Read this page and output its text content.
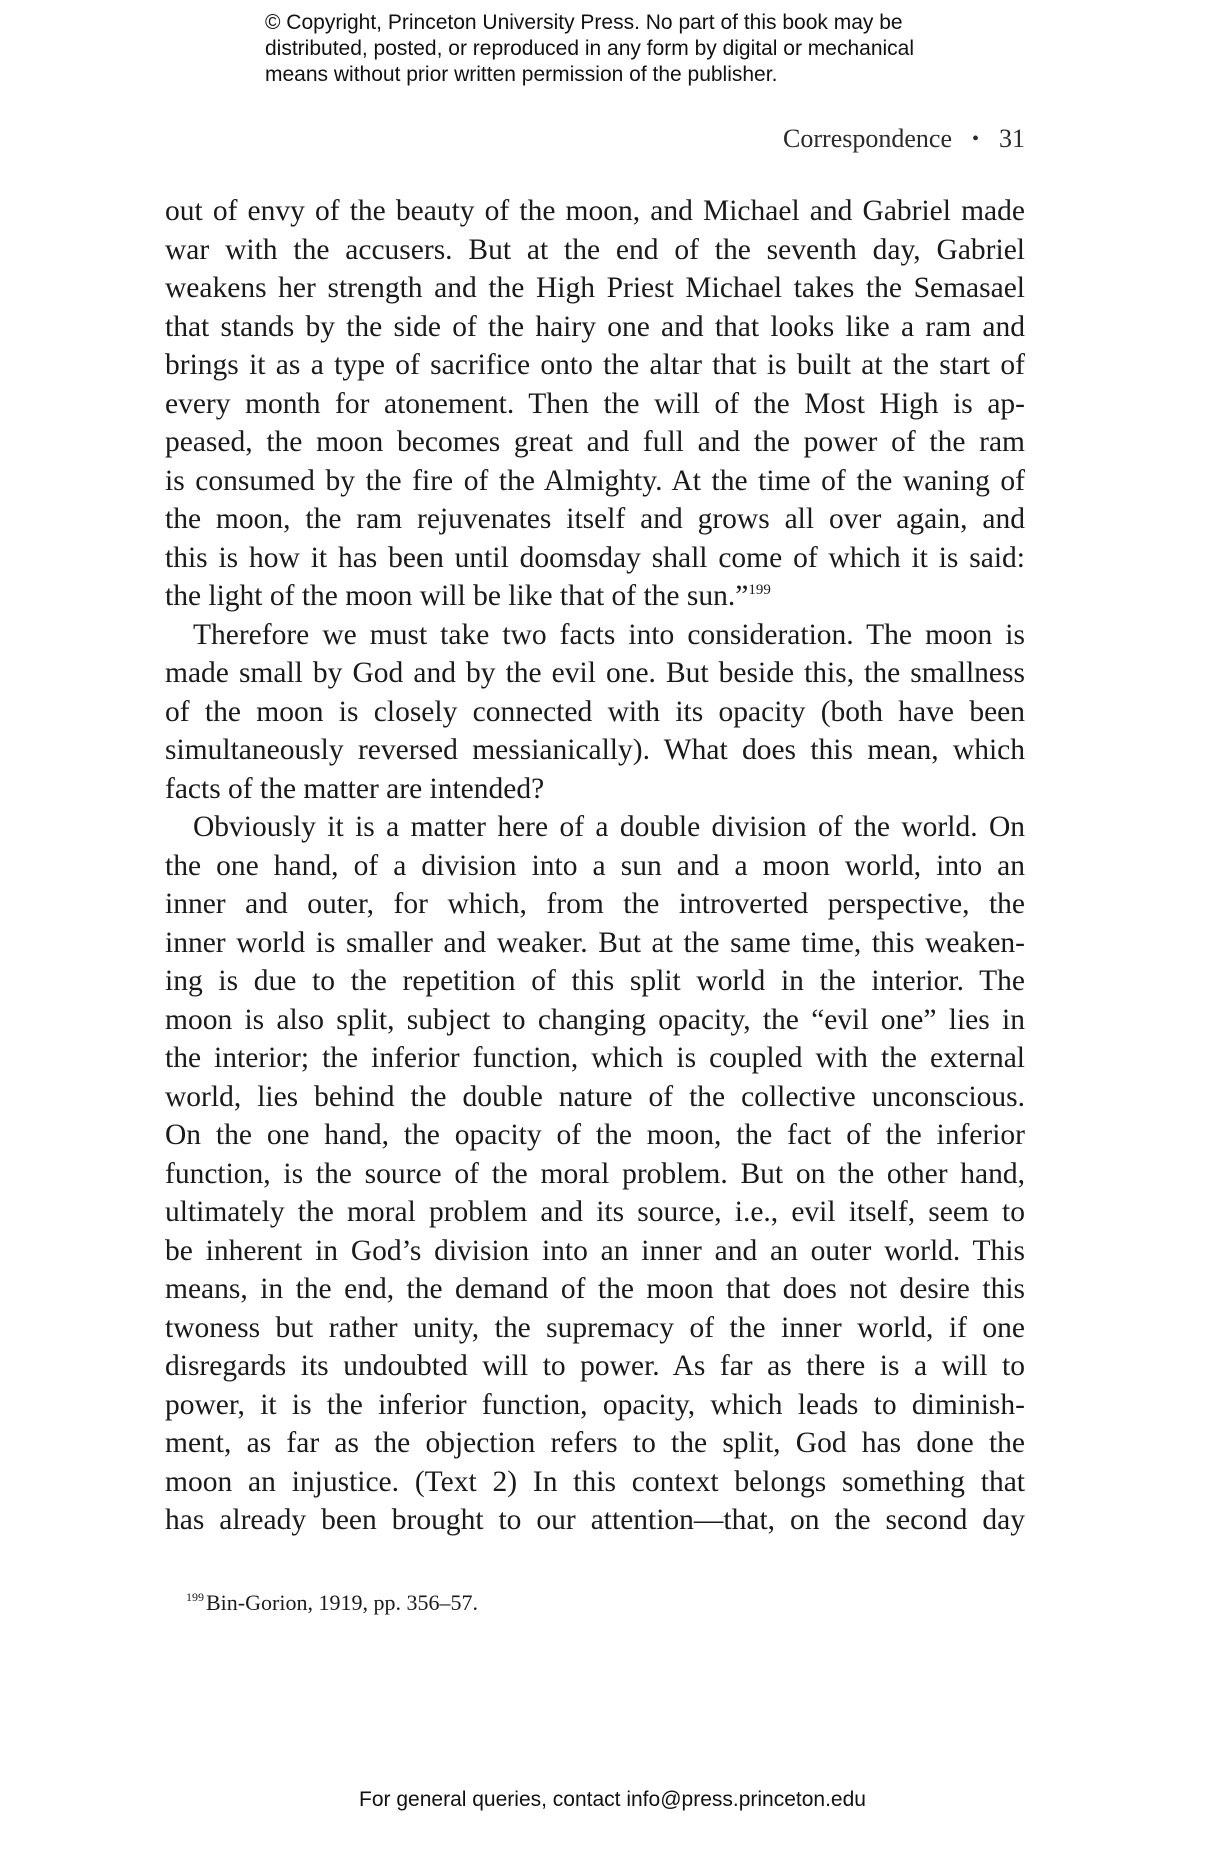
© Copyright, Princeton University Press. No part of this book may be

distributed, posted, or reproduced in any form by digital or mechanical

means without prior written permission of the publisher.

Correspondence • 31
out of envy of the beauty of the moon, and Michael and Gabriel made
war with the accusers. But at the end of the seventh day, Gabriel
weakens her strength and the High Priest Michael takes the Semasael
that stands by the side of the hairy one and that looks like a ram and
brings it as a type of sacrifice onto the altar that is built at the start of
every month for atonement. Then the will of the Most High is ap-
peased, the moon becomes great and full and the power of the ram
is consumed by the fire of the Almighty. At the time of the waning of
the moon, the ram rejuvenates itself and grows all over again, and
this is how it has been until doomsday shall come of which it is said:
the light of the moon will be like that of the sun.”$^{199}$
Therefore we must take two facts into consideration. The moon is
made small by God and by the evil one. But beside this, the smallness
of the moon is closely connected with its opacity (both have been
simultaneously reversed messianically). What does this mean, which
facts of the matter are intended?
Obviously it is a matter here of a double division of the world. On
the one hand, of a division into a sun and a moon world, into an
inner and outer, for which, from the introverted perspective, the
inner world is smaller and weaker. But at the same time, this weaken-
ing is due to the repetition of this split world in the interior. The
moon is also split, subject to changing opacity, the “evil one” lies in
the interior; the inferior function, which is coupled with the external
world, lies behind the double nature of the collective unconscious.
On the one hand, the opacity of the moon, the fact of the inferior
function, is the source of the moral problem. But on the other hand,
ultimately the moral problem and its source, i.e., evil itself, seem to
be inherent in God’s division into an inner and an outer world. This
means, in the end, the demand of the moon that does not desire this
twoness but rather unity, the supremacy of the inner world, if one
disregards its undoubted will to power. As far as there is a will to
power, it is the inferior function, opacity, which leads to diminish-
ment, as far as the objection refers to the split, God has done the
moon an injustice. (Text 2) In this context belongs something that
has already been brought to our attention—that, on the second day
$^{199}$Bin-Gorion, 1919, pp. 356–57.
For general queries, contact info@press.princeton.edu
